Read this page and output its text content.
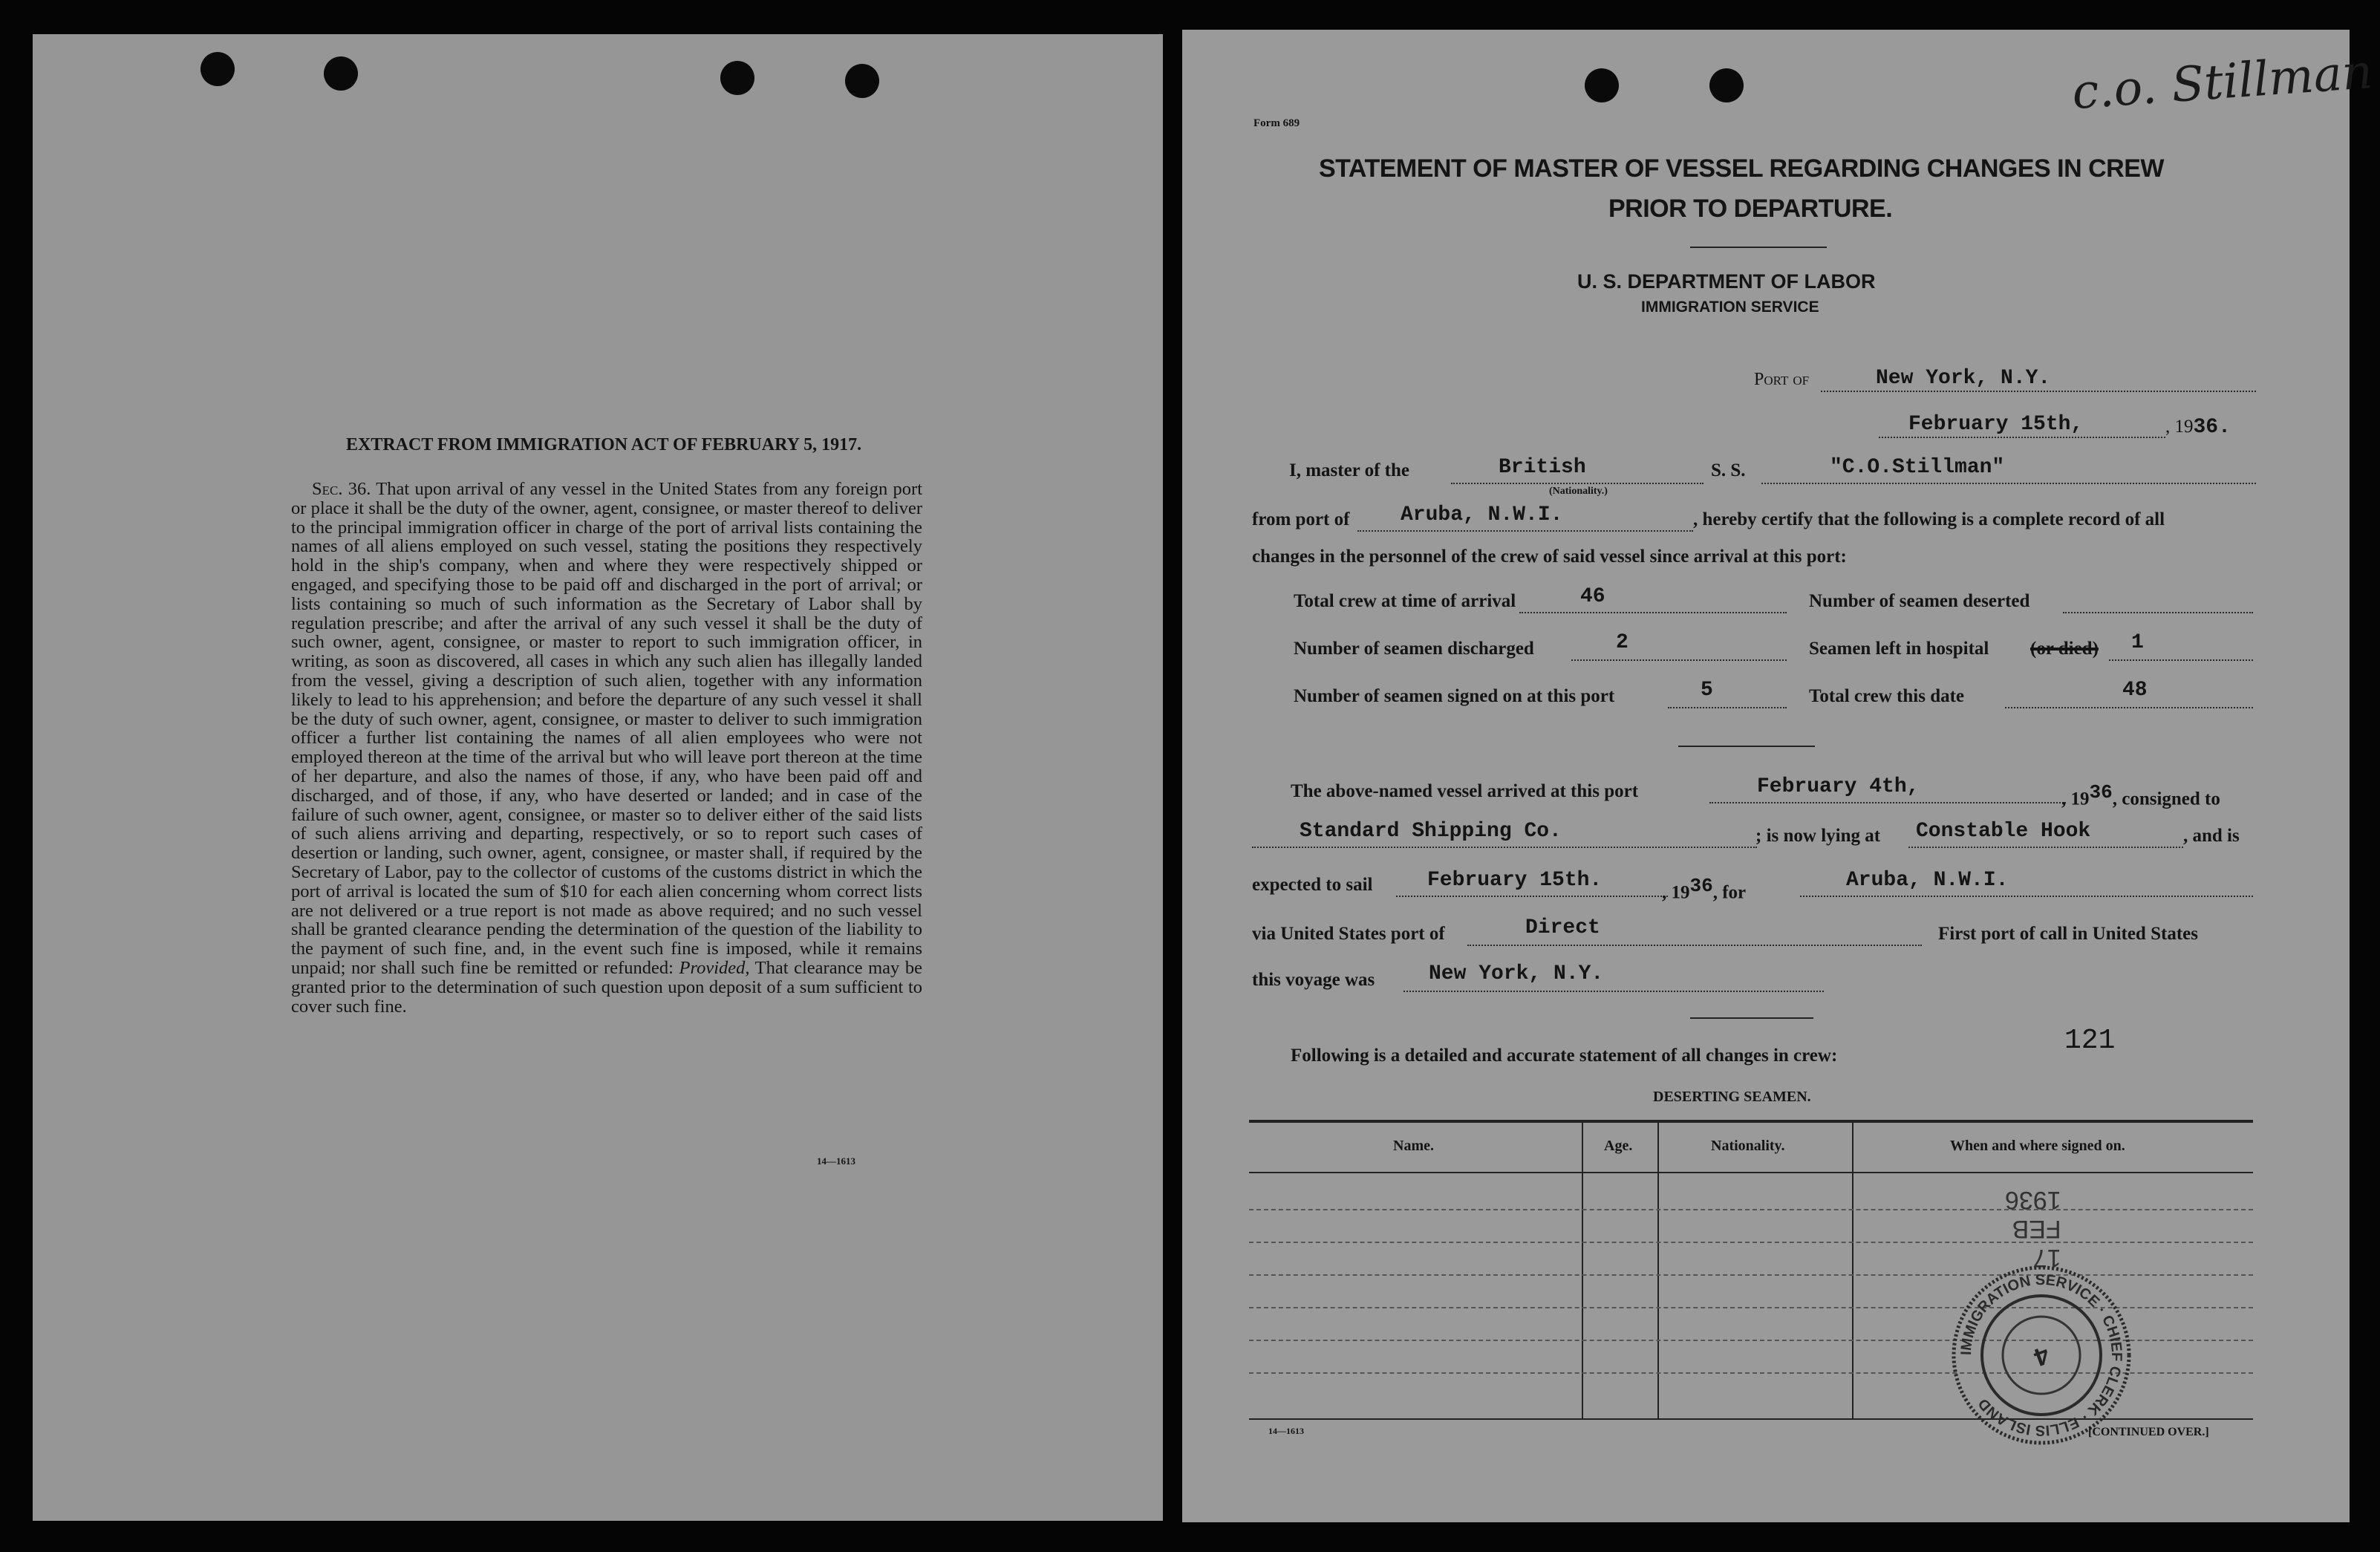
EXTRACT FROM IMMIGRATION ACT OF FEBRUARY 5, 1917.

Sec. 36. That upon arrival of any vessel in the United States from any foreign port or place it shall be the duty of the owner, agent, consignee, or master thereof to deliver to the principal immigration officer in charge of the port of arrival lists containing the names of all aliens employed on such vessel, stating the positions they respectively hold in the ship's company, when and where they were respectively shipped or engaged, and specifying those to be paid off and discharged in the port of arrival; or lists containing so much of such information as the Secretary of Labor shall by regulation prescribe; and after the arrival of any such vessel it shall be the duty of such owner, agent, consignee, or master to report to such immigration officer, in writing, as soon as discovered, all cases in which any such alien has illegally landed from the vessel, giving a description of such alien, together with any information likely to lead to his apprehension; and before the departure of any such vessel it shall be the duty of such owner, agent, consignee, or master to deliver to such immigration officer a further list containing the names of all alien employees who were not employed thereon at the time of the arrival but who will leave port thereon at the time of her departure, and also the names of those, if any, who have been paid off and discharged, and of those, if any, who have deserted or landed; and in case of the failure of such owner, agent, consignee, or master so to deliver either of the said lists of such aliens arriving and departing, respectively, or so to report such cases of desertion or landing, such owner, agent, consignee, or master shall, if required by the Secretary of Labor, pay to the collector of customs of the customs district in which the port of arrival is located the sum of $10 for each alien concerning whom correct lists are not delivered or a true report is not made as above required; and no such vessel shall be granted clearance pending the determination of the question of the liability to the payment of such fine, and, in the event such fine is imposed, while it remains unpaid; nor shall such fine be remitted or refunded: Provided, That clearance may be granted prior to the determination of such question upon deposit of a sum sufficient to cover such fine.

14—1613
c.o. Stillman
Form 689
STATEMENT OF MASTER OF VESSEL REGARDING CHANGES IN CREW
PRIOR TO DEPARTURE.
U. S. DEPARTMENT OF LABOR
IMMIGRATION SERVICE
Port of	New York, N.Y.
February 15th,	, 1936.
I, master of the	British
(Nationality.)
S. S.	"C.O.Stillman"
from port of Aruba, N.W.I.	, hereby certify that the following is a complete record of all
changes in the personnel of the crew of said vessel since arrival at this port:
Total crew at time of arrival	46	Number of seamen deserted
Number of seamen discharged	2	Seamen left in hospital (or died) 1
Number of seamen signed on at this port	5	Total crew this date	48
The above-named vessel arrived at this port	February 4th,
, $19^{36}$, consigned to
Standard Shipping Co.	; is now lying at Constable Hook	, and is
expected to sail	February 15th.
, $19^{36}$, for
Aruba, N.W.I.
via United States port of	Direct	First port of call in United States
this voyage was	New York, N.Y.
Following is a detailed and accurate statement of all changes in crew:	121
DESERTING SEAMEN.
Name.	Age.	Nationality.	When and where signed on.
17
FEB
1936
IMMIGRATION SERVICE · CHIEF CLERK · ELLIS ISLAND
4
14—1613	[CONTINUED OVER.]
